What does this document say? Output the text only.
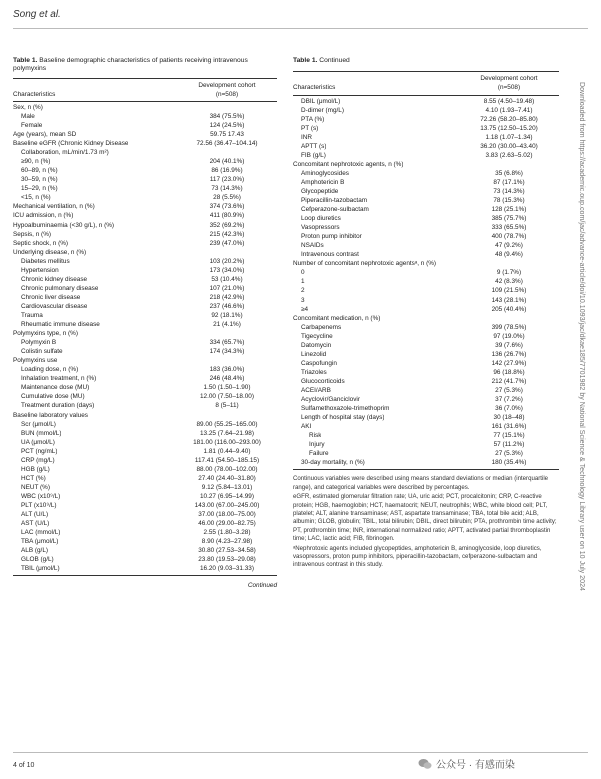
Song et al.
Table 1. Baseline demographic characteristics of patients receiving intravenous polymyxins
Characteristics
Development cohort
(n=508)
Sex, n (%)
Male	384 (75.5%)
Female	124 (24.5%)
Age (years), mean SD	59.75 17.43
Baseline eGFR (Chronic Kidney Disease	72.56 (36.47–104.14)
Collaboration, mL/min/1.73 m²)
≥90, n (%)	204 (40.1%)
60–89, n (%)	86 (16.9%)
30–59, n (%)	117 (23.0%)
15–29, n (%)	73 (14.3%)
<15, n (%)	28 (5.5%)
Mechanical ventilation, n (%)	374 (73.6%)
ICU admission, n (%)	411 (80.9%)
Hypoalbuminaemia (<30 g/L), n (%)	352 (69.2%)
Sepsis, n (%)	215 (42.3%)
Septic shock, n (%)	239 (47.0%)
Underlying disease, n (%)
Diabetes mellitus	103 (20.2%)
Hypertension	173 (34.0%)
Chronic kidney disease	53 (10.4%)
Chronic pulmonary disease	107 (21.0%)
Chronic liver disease	218 (42.9%)
Cardiovascular disease	237 (46.6%)
Trauma	92 (18.1%)
Rheumatic immune disease	21 (4.1%)
Polymyxins type, n (%)
Polymyxin B	334 (65.7%)
Colistin sulfate	174 (34.3%)
Polymyxins use
Loading dose, n (%)	183 (36.0%)
Inhalation treatment, n (%)	246 (48.4%)
Maintenance dose (MU)	1.50 (1.50–1.90)
Cumulative dose (MU)	12.00 (7.50–18.00)
Treatment duration (days)	8 (5–11)
Baseline laboratory values
Scr (μmol/L)	89.00 (55.25–165.00)
BUN (mmol/L)	13.25 (7.64–21.98)
UA (μmol/L)	181.00 (116.00–293.00)
PCT (ng/mL)	1.81 (0.44–9.40)
CRP (mg/L)	117.41 (54.50–185.15)
HGB (g/L)	88.00 (78.00–102.00)
HCT (%)	27.40 (24.40–31.80)
NEUT (%)	9.12 (5.84–13.01)
WBC (x10⁹/L)	10.27 (6.95–14.99)
PLT (x10⁹/L)	143.00 (67.00–245.00)
ALT (U/L)	37.00 (18.00–75.00)
AST (U/L)	46.00 (29.00–82.75)
LAC (mmol/L)	2.55 (1.80–3.28)
TBA (μmol/L)	8.90 (4.23–27.98)
ALB (g/L)	30.80 (27.53–34.58)
GLOB (g/L)	23.80 (19.53–29.08)
TBIL (μmol/L)	16.20 (9.03–31.33)
Continued
Table 1. Continued
Characteristics
Development cohort
(n=508)
DBIL (μmol/L)	8.55 (4.50–19.48)
D-dimer (mg/L)	4.10 (1.93–7.41)
PTA (%)	72.26 (58.20–85.80)
PT (s)	13.75 (12.50–15.20)
INR	1.18 (1.07–1.34)
APTT (s)	36.20 (30.00–43.40)
FIB (g/L)	3.83 (2.63–5.02)
Concomitant nephrotoxic agents, n (%)
Aminoglycosides	35 (6.8%)
Amphotericin B	87 (17.1%)
Glycopeptide	73 (14.3%)
Piperacillin-tazobactam	78 (15.3%)
Cefperazone-sulbactam	128 (25.1%)
Loop diuretics	385 (75.7%)
Vasopressors	333 (65.5%)
Proton pump inhibitor	400 (78.7%)
NSAIDs	47 (9.2%)
Intravenous contrast	48 (9.4%)
Number of concomitant nephrotoxic agentsᵃ, n (%)
0	9 (1.7%)
1	42 (8.3%)
2	109 (21.5%)
3	143 (28.1%)
≥4	205 (40.4%)
Concomitant medication, n (%)
Carbapenems	399 (78.5%)
Tigecycline	97 (19.0%)
Datomycin	39 (7.6%)
Linezolid	136 (26.7%)
Caspofungin	142 (27.9%)
Triazoles	96 (18.8%)
Glucocorticoids	212 (41.7%)
ACEI/ARB	27 (5.3%)
Acyclovir/Ganciclovir	37 (7.2%)
Sulfamethoxazole-trimethoprim	36 (7.0%)
Length of hospital stay (days)	30 (18–48)
AKI	161 (31.6%)
Risk	77 (15.1%)
Injury	57 (11.2%)
Failure	27 (5.3%)
30-day mortality, n (%)	180 (35.4%)

Continuous variables were described using means standard deviations or median (interquartile range), and categorical variables were described by percentages.

eGFR, estimated glomerular filtration rate; UA, uric acid; PCT, procalcitonin; CRP, C-reactive protein; HGB, haemoglobin; HCT, haematocrit; NEUT, neutrophils; WBC, white blood cell; PLT, platelet; ALT, alanine transaminase; AST, aspartate transaminase; TBA, total bile acid; ALB, albumin; GLOB, globulin; TBIL, total bilirubin; DBIL, direct bilirubin; PTA, prothrombin time activity; PT, prothrombin time; INR, international normalized ratio; APTT, activated partial thromboplastin time; LAC, lactic acid; FIB, fibrinogen.

ᵃNephrotoxic agents included glycopeptides, amphotericin B, aminoglycoside, loop diuretics, vasopressors, proton pump inhibitors, piperacillin-tazobactam, cefperazone-sulbactam and intravenous contrast in this study.	Downloaded from https://academic.oup.com/jac/advance-article/doi/10.1093/jac/dkae185/7701982 by National Science & Technology Library user on 10 July 2024
4 of 10	公众号 · 有感而染
